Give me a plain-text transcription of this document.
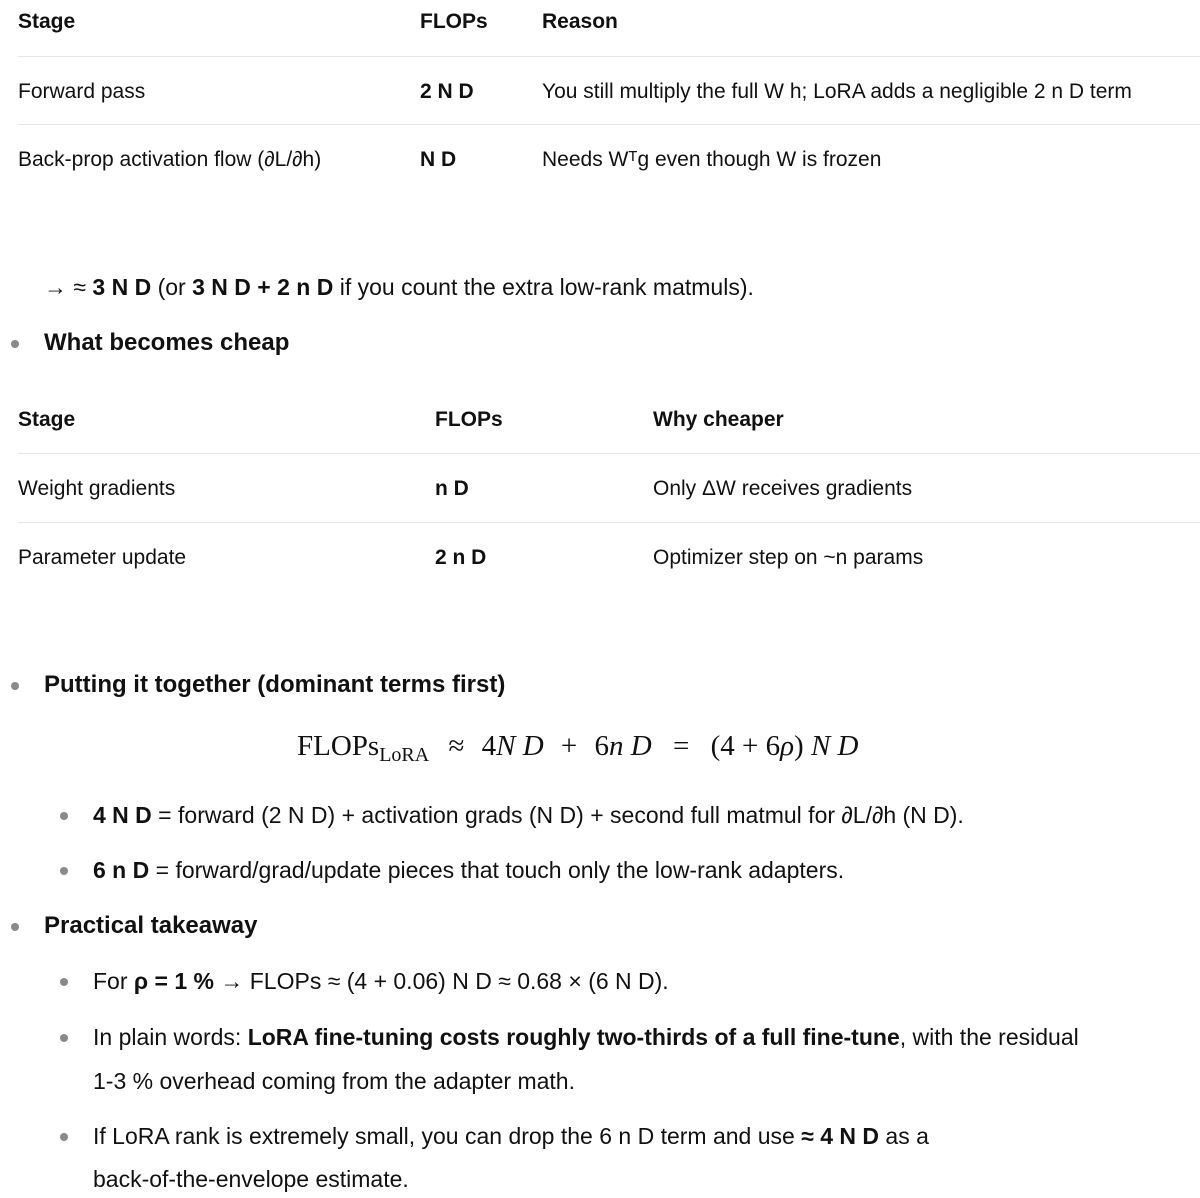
Stage	FLOPs	Reason
Forward pass	2 N D	You still multiply the full W h; LoRA adds a negligible 2 n D term
Back-prop activation flow (∂L/∂h)	N D	Needs Wᵀg even though W is frozen
→ ≈ 3 N D (or 3 N D + 2 n D if you count the extra low-rank matmuls).
What becomes cheap
Stage	FLOPs	Why cheaper
Weight gradients	n D	Only ΔW receives gradients
Parameter update	2 n D	Optimizer step on ~n params
Putting it together (dominant terms first)
FLOPs$_{LoRA}$ ≈ 4N D + 6n D = (4 + 6ρ) N D
4 N D = forward (2 N D) + activation grads (N D) + second full matmul for ∂L/∂h (N D).
6 n D = forward/grad/update pieces that touch only the low-rank adapters.
Practical takeaway
For ρ = 1 % → FLOPs ≈ (4 + 0.06) N D ≈ 0.68 × (6 N D).
In plain words: LoRA fine-tuning costs roughly two-thirds of a full fine-tune, with the residual
1-3 % overhead coming from the adapter math.
If LoRA rank is extremely small, you can drop the 6 n D term and use ≈ 4 N D as a
back-of-the-envelope estimate.
